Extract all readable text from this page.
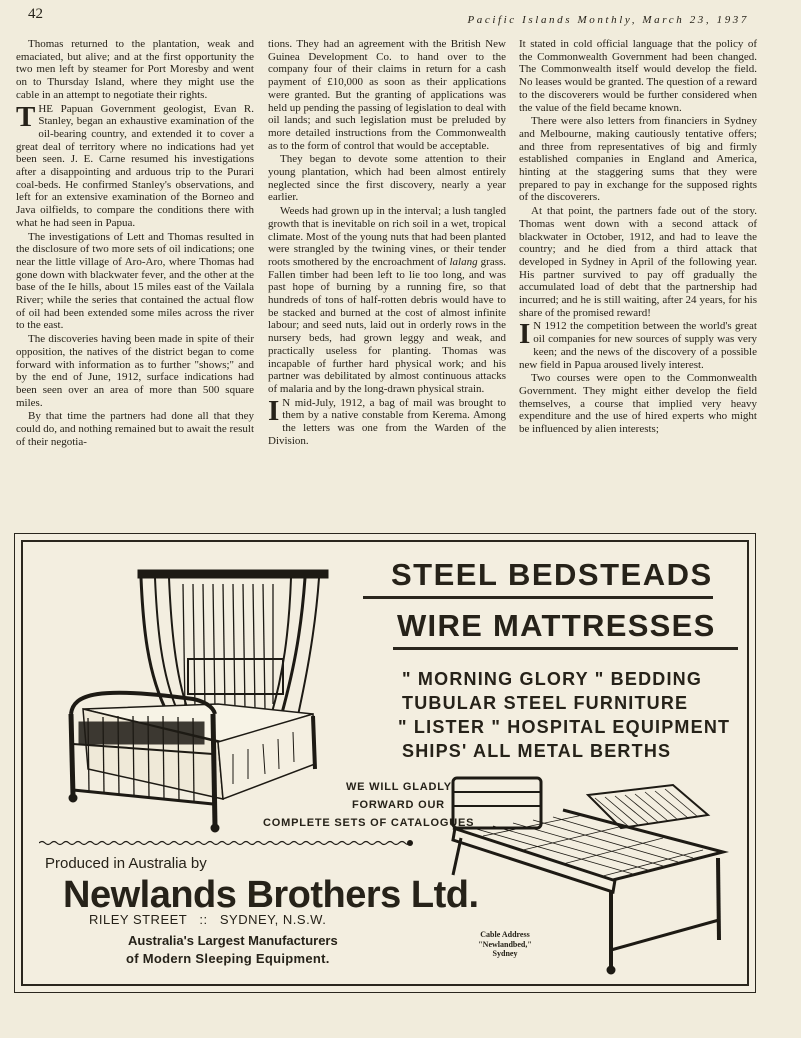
42	Pacific Islands Monthly, March 23, 1937

Thomas returned to the plantation, weak and emaciated, but alive; and at the first opportunity the two men left by steamer for Port Moresby and went on to Thursday Island, where they might use the cable in an attempt to negotiate their rights.

THE Papuan Government geologist, Evan R. Stanley, began an exhaustive examination of the oil-bearing country, and extended it to cover a great deal of territory where no indications had yet been seen. J. E. Carne resumed his investigations after a disappointing and arduous trip to the Purari coal-beds. He confirmed Stanley's observations, and left for an extensive examination of the Borneo and Java oilfields, to compare the conditions there with what he had seen in Papua.

The investigations of Lett and Thomas resulted in the disclosure of two more sets of oil indications; one near the little village of Aro-Aro, where Thomas had gone down with blackwater fever, and the other at the base of the Ie hills, about 15 miles east of the Vailala River; while the series that contained the actual flow of oil had been extended some miles across the river to the east.

The discoveries having been made in spite of their opposition, the natives of the district began to come forward with information as to further "shows;" and by the end of June, 1912, surface indications had been seen over an area of more than 500 square miles.

By that time the partners had done all that they could do, and nothing remained but to await the result of their negotia-

tions. They had an agreement with the British New Guinea Development Co. to hand over to the company four of their claims in return for a cash payment of £10,000 as soon as their applications were granted. But the granting of applications was held up pending the passing of legislation to deal with oil lands; and such legislation must be preluded by more detailed instructions from the Commonwealth as to the form of control that would be acceptable.

They began to devote some attention to their young plantation, which had been almost entirely neglected since the first discovery, nearly a year earlier.

Weeds had grown up in the interval; a lush tangled growth that is inevitable on rich soil in a wet, tropical climate. Most of the young nuts that had been planted were strangled by the twining vines, or their tender roots smothered by the encroachment of lalang grass. Fallen timber had been left to lie too long, and was past hope of burning by a running fire, so that hundreds of tons of half-rotten debris would have to be stacked and burned at the cost of almost infinite labour; and seed nuts, laid out in orderly rows in the nursery beds, had grown leggy and weak, and practically useless for planting. Thomas was incapable of further hard physical work; and his partner was debilitated by almost continuous attacks of malaria and by the long-drawn physical strain.

I N mid-July, 1912, a bag of mail was brought to them by a native constable from Kerema. Among the letters was one from the Warden of the Division.

It stated in cold official language that the policy of the Commonwealth Government had been changed. The Commonwealth itself would develop the field. No leases would be granted. The question of a reward to the discoverers would be further considered when the value of the field became known.

There were also letters from financiers in Sydney and Melbourne, making cautiously tentative offers; and three from representatives of big and firmly established companies in England and America, hinting at the staggering sums that they were prepared to pay in exchange for the supposed rights of the discoverers.

At that point, the partners fade out of the story. Thomas went down with a second attack of blackwater in October, 1912, and had to leave the country; and he died from a third attack that developed in Sydney in April of the following year. His partner survived to pay off gradually the accumulated load of debt that the partnership had incurred; and he is still waiting, after 24 years, for his share of the promised reward!

I N 1912 the competition between the world's great oil companies for new sources of supply was very keen; and the news of the discovery of a possible new field in Papua aroused lively interest.

Two courses were open to the Commonwealth Government. They might either develop the field themselves, a course that implied very heavy expenditure and the use of hired experts who might be influenced by alien interests;

STEEL BEDSTEADS
WIRE MATTRESSES
" MORNING GLORY " BEDDING
TUBULAR STEEL FURNITURE
" LISTER " HOSPITAL EQUIPMENT
SHIPS' ALL METAL BERTHS
WE WILL GLADLY
FORWARD OUR
COMPLETE SETS OF CATALOGUES
Produced in Australia by
Newlands Brothers Ltd.
RILEY STREET   ::   SYDNEY, N.S.W.
Australia's Largest Manufacturers
of Modern Sleeping Equipment.
Cable Address
"Newlandbed,"
Sydney
